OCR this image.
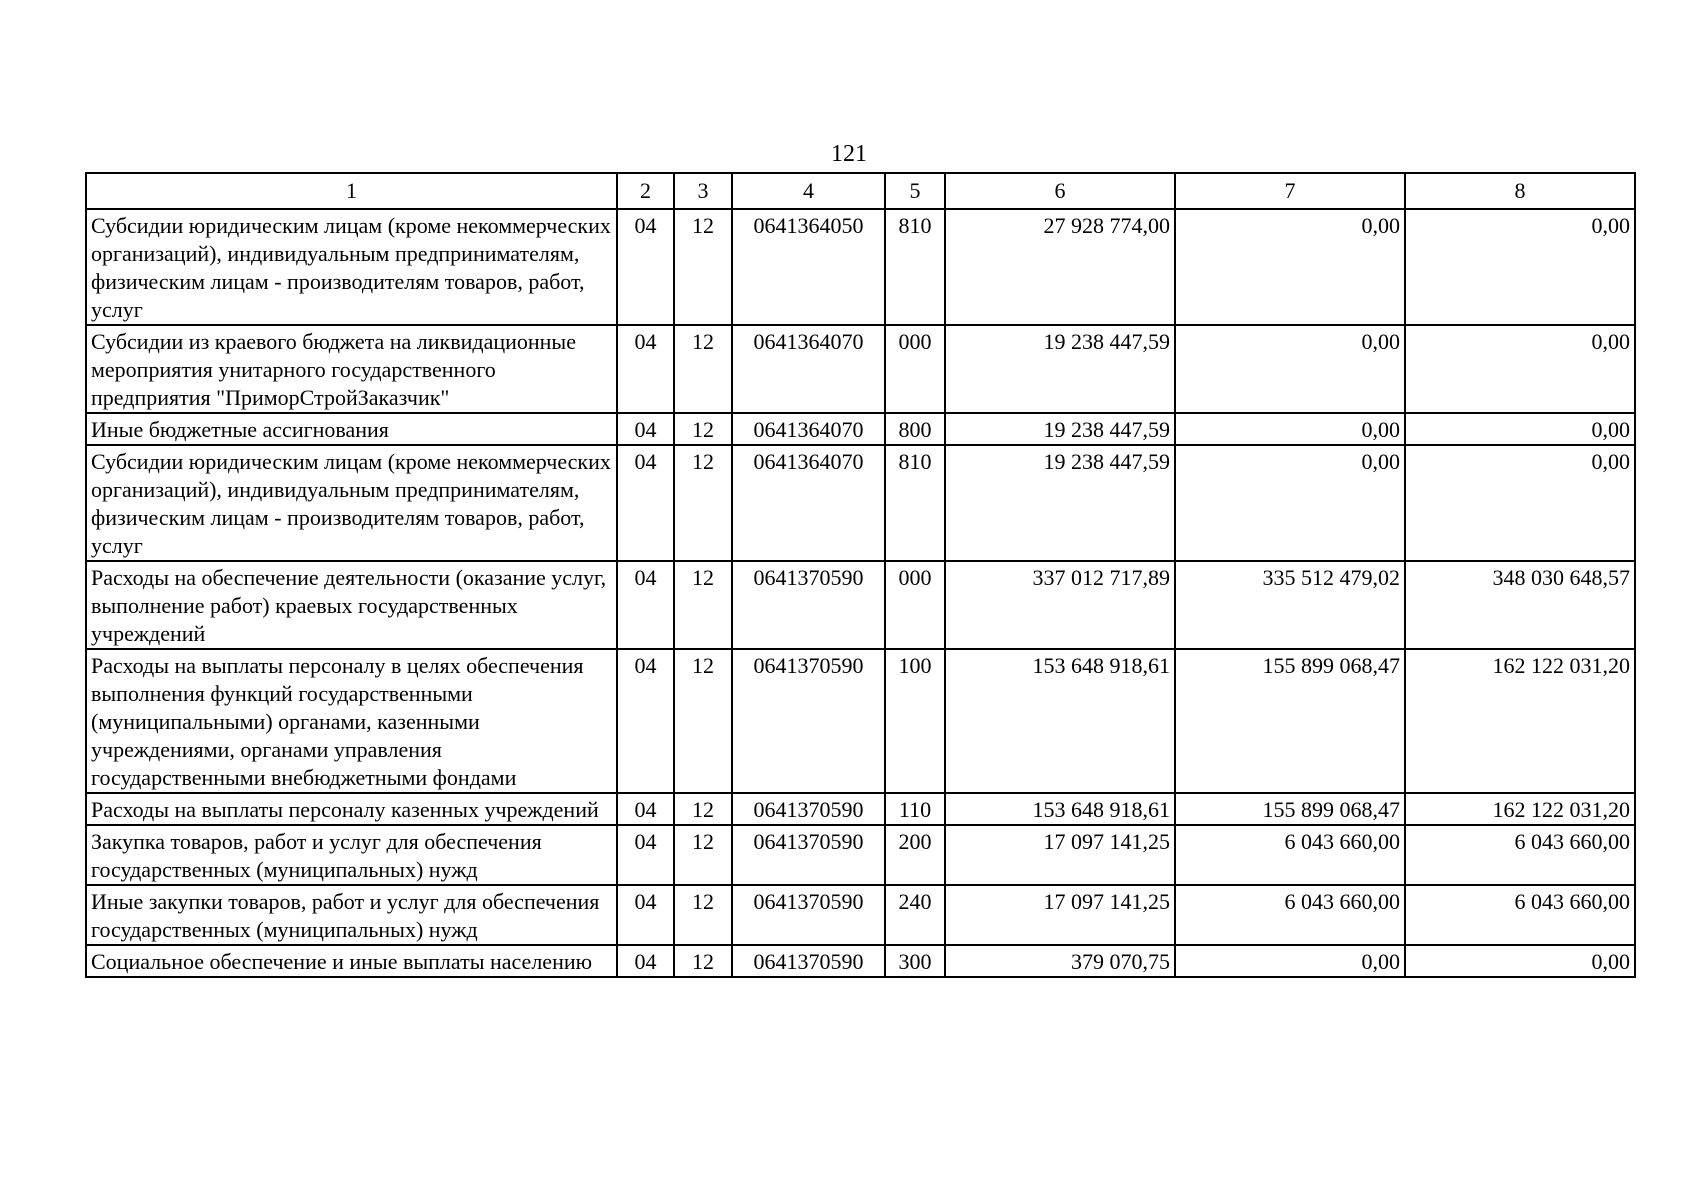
121
1	2	3	4	5	6	7	8
Субсидии юридическим лицам (кроме некоммерческих организаций), индивидуальным предпринимателям, физическим лицам - производителям товаров, работ, услуг	04	12	0641364050	810	27 928 774,00	0,00	0,00
Субсидии из краевого бюджета на ликвидационные мероприятия унитарного государственного предприятия "ПриморСтройЗаказчик"	04	12	0641364070	000	19 238 447,59	0,00	0,00
Иные бюджетные ассигнования	04	12	0641364070	800	19 238 447,59	0,00	0,00
Субсидии юридическим лицам (кроме некоммерческих организаций), индивидуальным предпринимателям, физическим лицам - производителям товаров, работ, услуг	04	12	0641364070	810	19 238 447,59	0,00	0,00
Расходы на обеспечение деятельности (оказание услуг, выполнение работ) краевых государственных учреждений	04	12	0641370590	000	337 012 717,89	335 512 479,02	348 030 648,57
Расходы на выплаты персоналу в целях обеспечения выполнения функций государственными (муниципальными) органами, казенными учреждениями, органами управления государственными внебюджетными фондами	04	12	0641370590	100	153 648 918,61	155 899 068,47	162 122 031,20
Расходы на выплаты персоналу казенных учреждений	04	12	0641370590	110	153 648 918,61	155 899 068,47	162 122 031,20
Закупка товаров, работ и услуг для обеспечения государственных (муниципальных) нужд	04	12	0641370590	200	17 097 141,25	6 043 660,00	6 043 660,00
Иные закупки товаров, работ и услуг для обеспечения государственных (муниципальных) нужд	04	12	0641370590	240	17 097 141,25	6 043 660,00	6 043 660,00
Социальное обеспечение и иные выплаты населению	04	12	0641370590	300	379 070,75	0,00	0,00
